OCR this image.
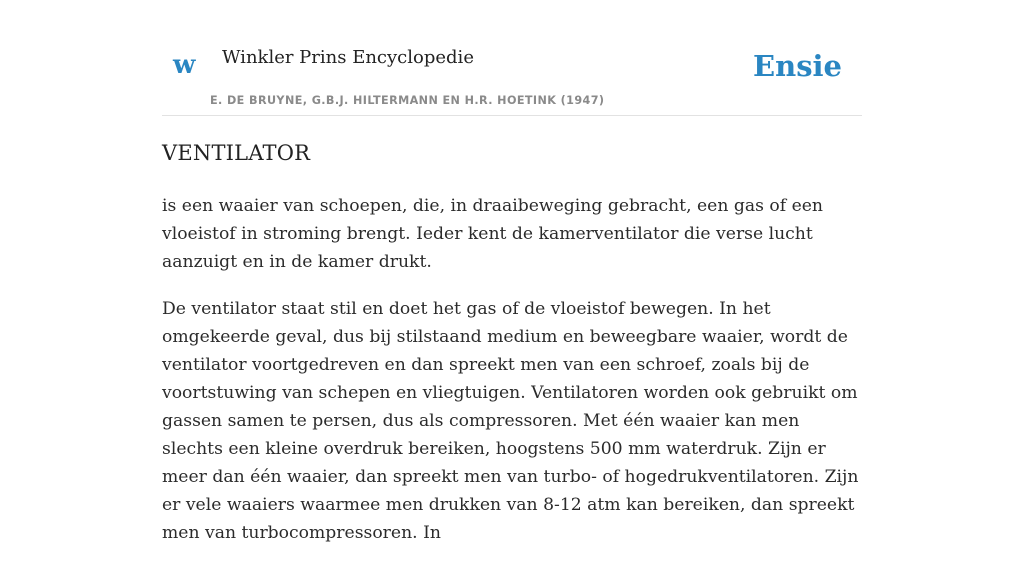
w Winkler Prins Encyclopedie
E. DE BRUYNE, G.B.J. HILTERMANN EN H.R. HOETINK (1947)
Ensie
VENTILATOR

is een waaier van schoepen, die, in draaibeweging gebracht, een gas of een vloeistof in stroming brengt. Ieder kent de kamerventilator die verse lucht aanzuigt en in de kamer drukt.

De ventilator staat stil en doet het gas of de vloeistof bewegen. In het omgekeerde geval, dus bij stilstaand medium en beweegbare waaier, wordt de ventilator voortgedreven en dan spreekt men van een schroef, zoals bij de voortstuwing van schepen en vliegtuigen. Ventilatoren worden ook gebruikt om gassen samen te persen, dus als compressoren. Met één waaier kan men slechts een kleine overdruk bereiken, hoogstens 500 mm waterdruk. Zijn er meer dan één waaier, dan spreekt men van turbo- of hogedrukventilatoren. Zijn er vele waaiers waarmee men drukken van 8-12 atm kan bereiken, dan spreekt men van turbocompressoren. In
